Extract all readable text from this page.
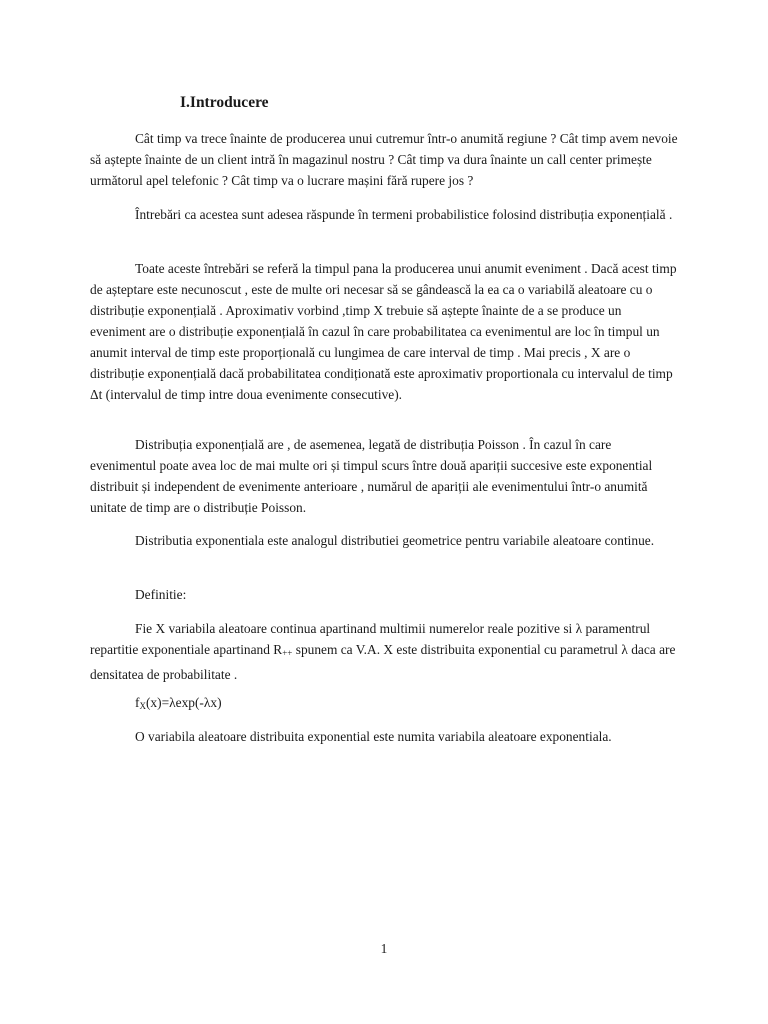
I.Introducere

Cât timp va trece înainte de producerea unui cutremur într-o anumită regiune ? Cât timp avem nevoie să aștepte înainte de un client intră în magazinul nostru ? Cât timp va dura înainte un call center primește următorul apel telefonic ? Cât timp va o lucrare mașini fără rupere jos ?

Întrebări ca acestea sunt adesea răspunde în termeni probabilistice folosind distribuția exponențială .

Toate aceste întrebări se referă la timpul pana la producerea unui anumit eveniment . Dacă acest timp de așteptare este necunoscut , este de multe ori necesar să se gândească la ea ca o variabilă aleatoare cu o distribuție exponențială . Aproximativ vorbind ,timp X trebuie să aștepte înainte de a se produce un eveniment are o distribuție exponențială în cazul în care probabilitatea ca evenimentul are loc în timpul un anumit interval de timp este proporțională cu lungimea de care interval de timp . Mai precis , X are o distribuție exponențială dacă probabilitatea condiționată este aproximativ proportionala cu intervalul de timp Δt (intervalul de timp intre doua evenimente consecutive).

Distribuția exponențială are , de asemenea, legată de distribuția Poisson . În cazul în care evenimentul poate avea loc de mai multe ori și timpul scurs între două apariții succesive este exponential distribuit și independent de evenimente anterioare , numărul de apariții ale evenimentului într-o anumită unitate de timp are o distribuție Poisson.

Distributia exponentiala este analogul distributiei geometrice pentru variabile aleatoare continue.

Definitie:

Fie X variabila aleatoare continua apartinand multimii numerelor reale pozitive si λ paramentrul repartitie exponentiale apartinand $R_{++}$ spunem ca V.A. X este distribuita exponential cu parametrul λ daca are densitatea de probabilitate .

$f_X(x)=\lambda\exp(-\lambda x)$

O variabila aleatoare distribuita exponential este numita variabila aleatoare exponentiala.

1
